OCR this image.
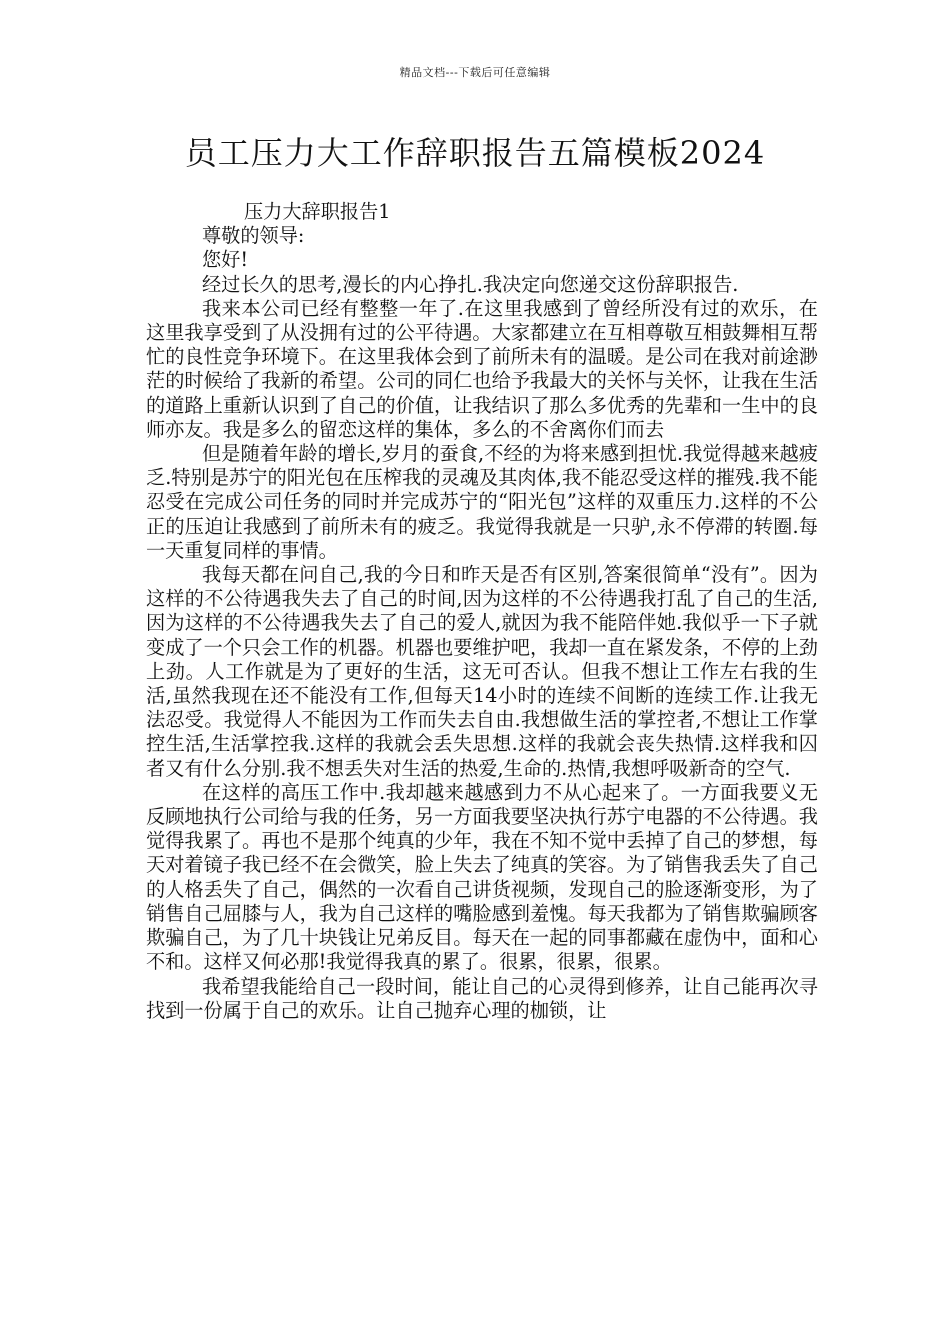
精品文档---下载后可任意编辑
员工压力大工作辞职报告五篇模板2024

压力大辞职报告1

尊敬的领导:

您好!

经过长久的思考,漫长的内心挣扎.我决定向您递交这份辞职报告.

我来本公司已经有整整一年了.在这里我感到了曾经所没有过的欢乐，在这里我享受到了从没拥有过的公平待遇。大家都建立在互相尊敬互相鼓舞相互帮忙的良性竞争环境下。在这里我体会到了前所未有的温暖。是公司在我对前途渺茫的时候给了我新的希望。公司的同仁也给予我最大的关怀与关怀，让我在生活的道路上重新认识到了自己的价值，让我结识了那么多优秀的先辈和一生中的良师亦友。我是多么的留恋这样的集体，多么的不舍离你们而去

但是随着年龄的增长,岁月的蚕食,不经的为将来感到担忧.我觉得越来越疲乏.特别是苏宁的阳光包在压榨我的灵魂及其肉体,我不能忍受这样的摧残.我不能忍受在完成公司任务的同时并完成苏宁的“阳光包”这样的双重压力.这样的不公正的压迫让我感到了前所未有的疲乏。我觉得我就是一只驴,永不停滞的转圈.每一天重复同样的事情。

我每天都在问自己,我的今日和昨天是否有区别,答案很简单“没有”。因为这样的不公待遇我失去了自己的时间,因为这样的不公待遇我打乱了自己的生活,因为这样的不公待遇我失去了自己的爱人,就因为我不能陪伴她.我似乎一下子就变成了一个只会工作的机器。机器也要维护吧，我却一直在紧发条，不停的上劲上劲。人工作就是为了更好的生活，这无可否认。但我不想让工作左右我的生活,虽然我现在还不能没有工作,但每天14小时的连续不间断的连续工作.让我无法忍受。我觉得人不能因为工作而失去自由.我想做生活的掌控者,不想让工作掌控生活,生活掌控我.这样的我就会丢失思想.这样的我就会丧失热情.这样我和囚者又有什么分别.我不想丢失对生活的热爱,生命的.热情,我想呼吸新奇的空气.

在这样的高压工作中.我却越来越感到力不从心起来了。一方面我要义无反顾地执行公司给与我的任务，另一方面我要坚决执行苏宁电器的不公待遇。我觉得我累了。再也不是那个纯真的少年，我在不知不觉中丢掉了自己的梦想，每天对着镜子我已经不在会微笑，脸上失去了纯真的笑容。为了销售我丢失了自己的人格丢失了自己，偶然的一次看自己讲货视频，发现自己的脸逐渐变形，为了销售自己屈膝与人，我为自己这样的嘴脸感到羞愧。每天我都为了销售欺骗顾客欺骗自己，为了几十块钱让兄弟反目。每天在一起的同事都藏在虚伪中，面和心不和。这样又何必那!我觉得我真的累了。很累，很累，很累。

我希望我能给自己一段时间，能让自己的心灵得到修养，让自己能再次寻找到一份属于自己的欢乐。让自己抛弃心理的枷锁，让
